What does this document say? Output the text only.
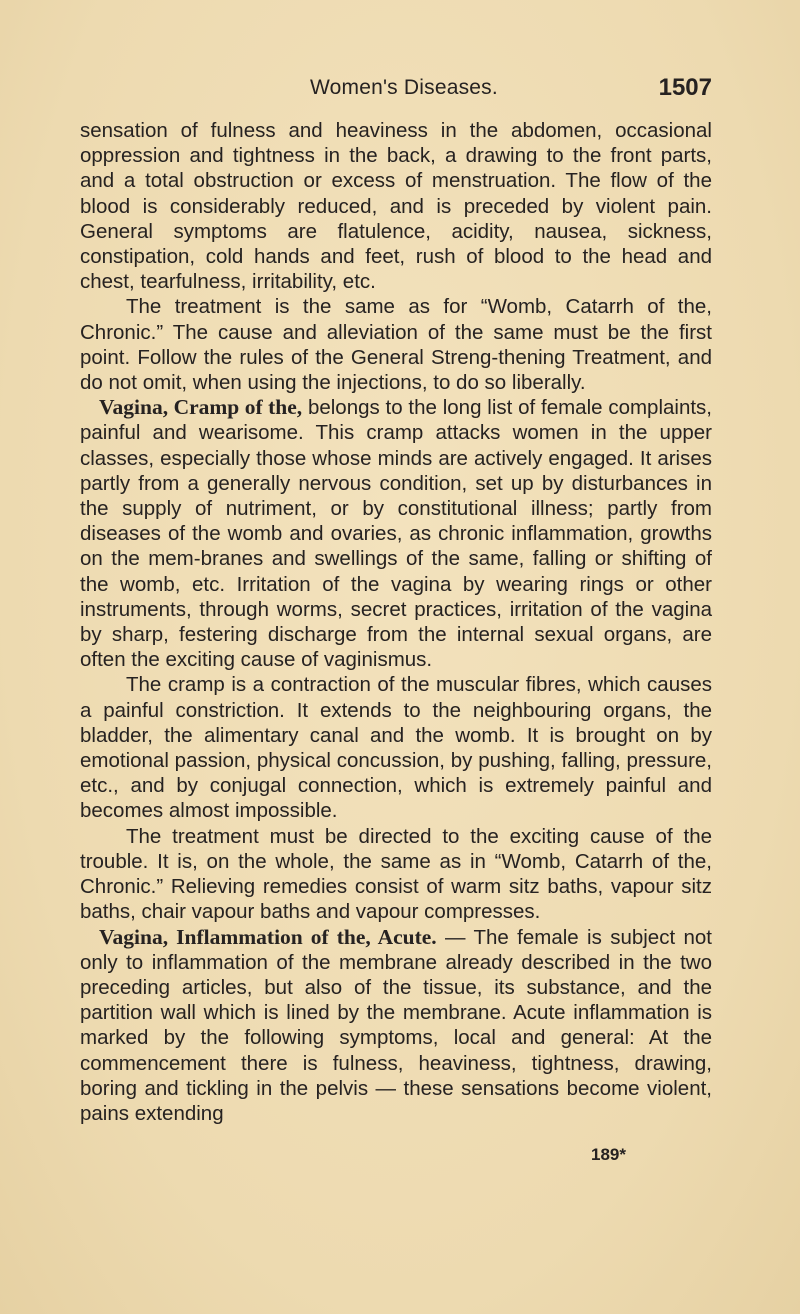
Women's Diseases.	1507

sensation of fulness and heaviness in the abdomen, occasional oppression and tightness in the back, a drawing to the front parts, and a total obstruction or excess of menstruation. The flow of the blood is considerably reduced, and is preceded by violent pain. General symptoms are flatulence, acidity, nausea, sickness, constipation, cold hands and feet, rush of blood to the head and chest, tearfulness, irritability, etc.

The treatment is the same as for “Womb, Catarrh of the, Chronic.” The cause and alleviation of the same must be the first point. Follow the rules of the General Streng-thening Treatment, and do not omit, when using the injections, to do so liberally.

Vagina, Cramp of the, belongs to the long list of female complaints, painful and wearisome. This cramp attacks women in the upper classes, especially those whose minds are actively engaged. It arises partly from a generally nervous condition, set up by disturbances in the supply of nutriment, or by constitutional illness; partly from diseases of the womb and ovaries, as chronic inflammation, growths on the mem-branes and swellings of the same, falling or shifting of the womb, etc. Irritation of the vagina by wearing rings or other instruments, through worms, secret practices, irritation of the vagina by sharp, festering discharge from the internal sexual organs, are often the exciting cause of vaginismus.

The cramp is a contraction of the muscular fibres, which causes a painful constriction. It extends to the neighbouring organs, the bladder, the alimentary canal and the womb. It is brought on by emotional passion, physical concussion, by pushing, falling, pressure, etc., and by conjugal connection, which is extremely painful and becomes almost impossible.

The treatment must be directed to the exciting cause of the trouble. It is, on the whole, the same as in “Womb, Catarrh of the, Chronic.” Relieving remedies consist of warm sitz baths, vapour sitz baths, chair vapour baths and vapour compresses.

Vagina, Inflammation of the, Acute. — The female is subject not only to inflammation of the membrane already described in the two preceding articles, but also of the tissue, its substance, and the partition wall which is lined by the membrane. Acute inflammation is marked by the following symptoms, local and general: At the commencement there is fulness, heaviness, tightness, drawing, boring and tickling in the pelvis — these sensations become violent, pains extending

189*
